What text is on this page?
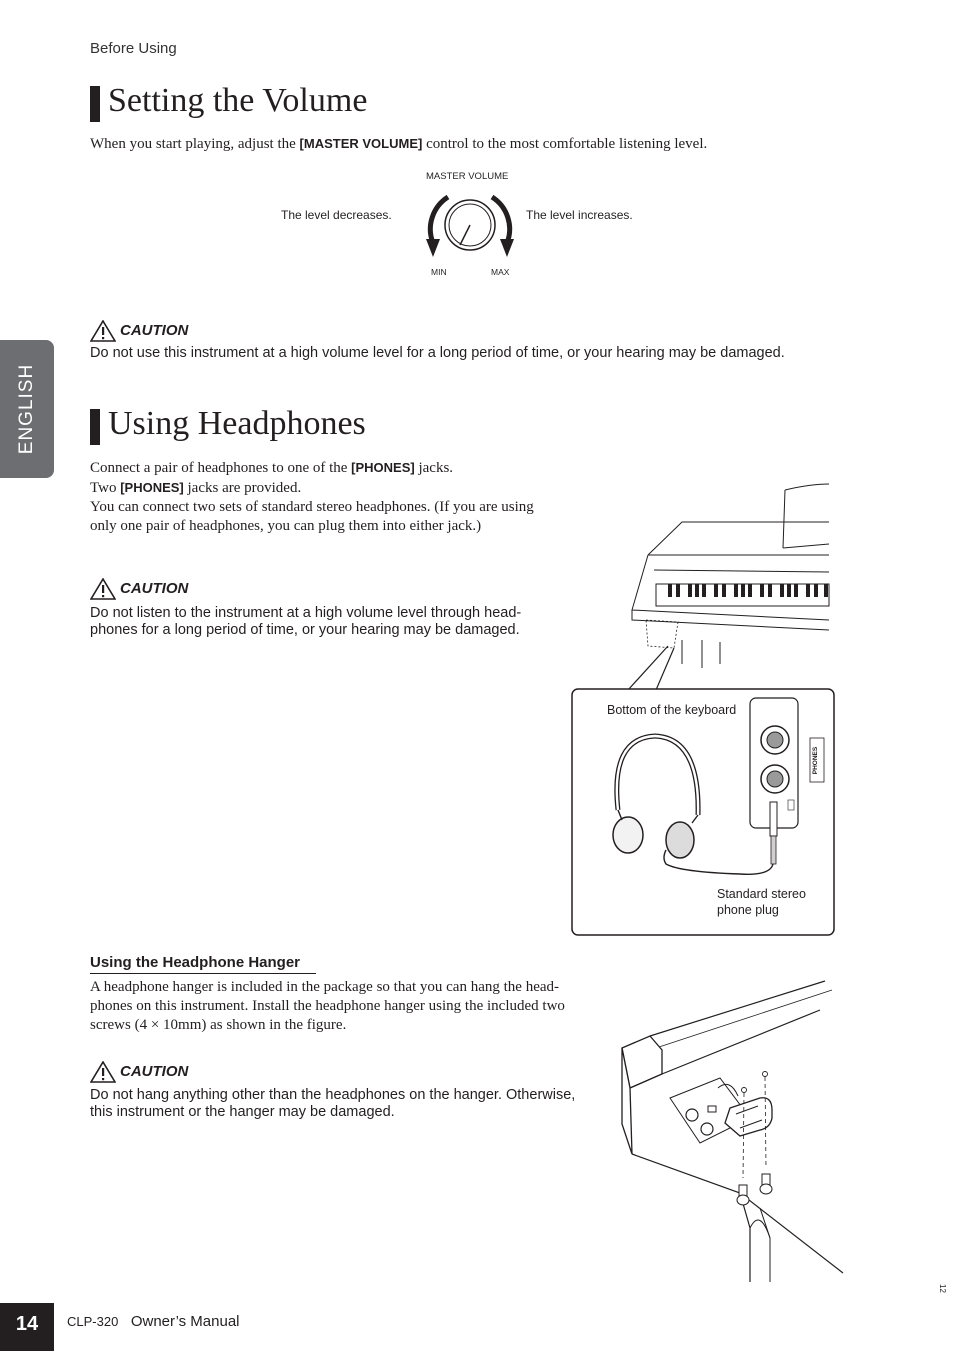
Before Using
ENGLISH
Setting the Volume
When you start playing, adjust the [MASTER VOLUME] control to the most comfortable listening level.
MASTER VOLUME
The level decreases.	The level increases.
MIN	MAX
CAUTION
Do not use this instrument at a high volume level for a long period of time, or your hearing may be damaged.
Using Headphones
Connect a pair of headphones to one of the [PHONES] jacks.
Two [PHONES] jacks are provided.
You can connect two sets of standard stereo headphones. (If you are using only one pair of headphones, you can plug them into either jack.)
CAUTION
Do not listen to the instrument at a high volume level through head-phones for a long period of time, or your hearing may be damaged.
Bottom of the keyboard
PHONES
Standard stereo
phone plug
Using the Headphone Hanger
A headphone hanger is included in the package so that you can hang the head-phones on this instrument. Install the headphone hanger using the included two screws (4 × 10mm) as shown in the figure.
CAUTION
Do not hang anything other than the headphones on the hanger. Otherwise, this instrument or the hanger may be damaged.
12
14	CLP-320 Owner’s Manual
